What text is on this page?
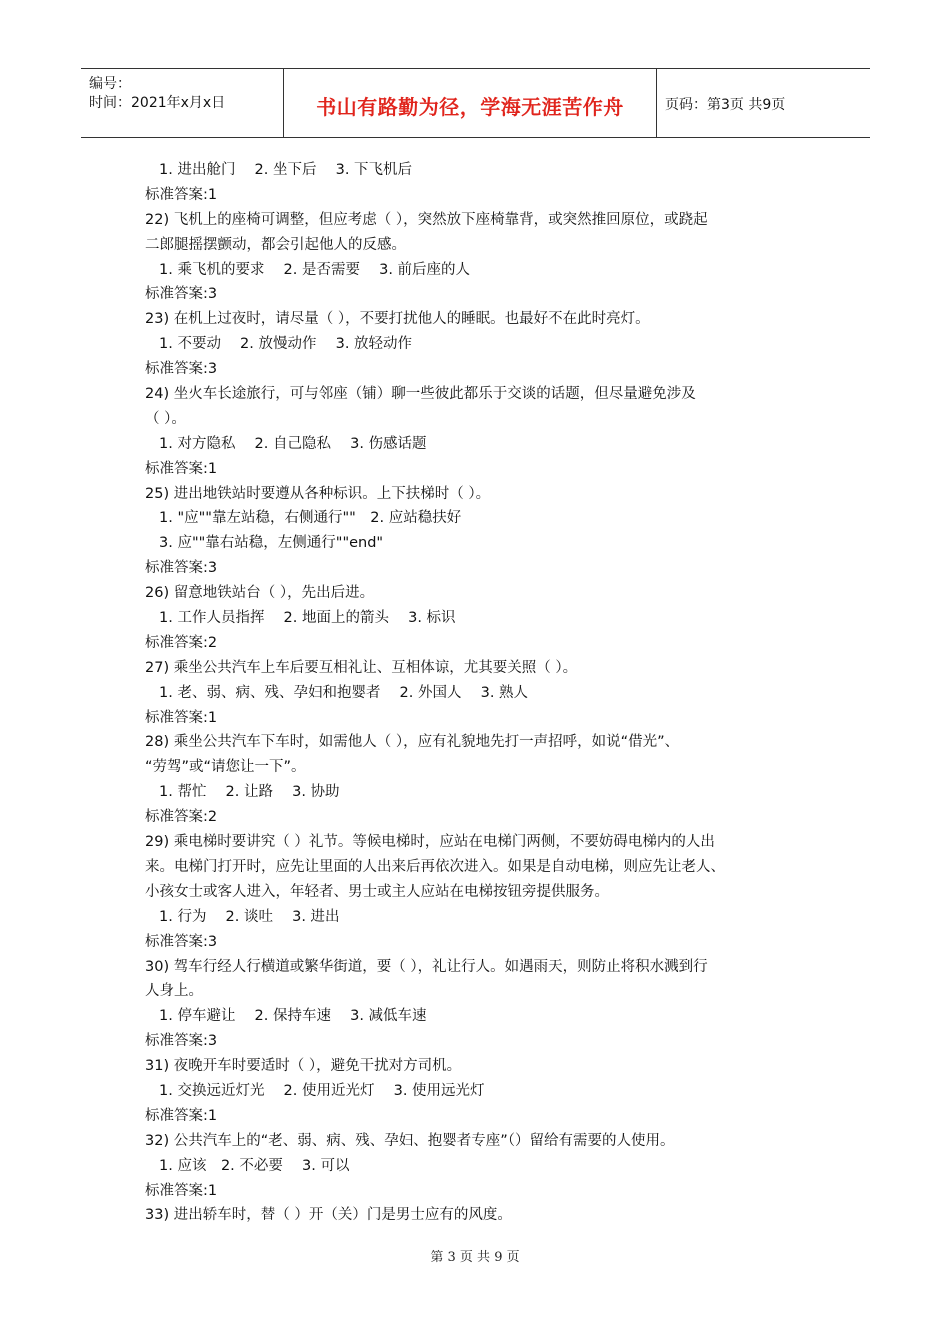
编号：
时间：2021年x月x日	书山有路勤为径，学海无涯苦作舟	页码：第3页 共9页
1. 进出舱门　 2. 坐下后　 3. 下飞机后
标准答案:1
22) 飞机上的座椅可调整，但应考虑（ ），突然放下座椅靠背，或突然推回原位，或跷起
二郎腿摇摆颤动，都会引起他人的反感。
1. 乘飞机的要求　 2. 是否需要　 3. 前后座的人
标准答案:3
23) 在机上过夜时，请尽量（ ），不要打扰他人的睡眠。也最好不在此时亮灯。
1. 不要动　 2. 放慢动作　 3. 放轻动作
标准答案:3
24) 坐火车长途旅行，可与邻座（铺）聊一些彼此都乐于交谈的话题，但尽量避免涉及
（ ）。
1. 对方隐私　 2. 自己隐私　 3. 伤感话题
标准答案:1
25) 进出地铁站时要遵从各种标识。上下扶梯时（ ）。
1. "应""靠左站稳，右侧通行""　2. 应站稳扶好
3. 应""靠右站稳，左侧通行""end"
标准答案:3
26) 留意地铁站台（ ），先出后进。
1. 工作人员指挥　 2. 地面上的箭头　 3. 标识
标准答案:2
27) 乘坐公共汽车上车后要互相礼让、互相体谅，尤其要关照（ ）。
1. 老、弱、病、残、孕妇和抱婴者　 2. 外国人　 3. 熟人
标准答案:1
28) 乘坐公共汽车下车时，如需他人（ ），应有礼貌地先打一声招呼，如说“借光”、
“劳驾”或“请您让一下”。
1. 帮忙　 2. 让路　 3. 协助
标准答案:2
29) 乘电梯时要讲究（ ）礼节。等候电梯时，应站在电梯门两侧，不要妨碍电梯内的人出
来。电梯门打开时，应先让里面的人出来后再依次进入。如果是自动电梯，则应先让老人、
小孩女士或客人进入，年轻者、男士或主人应站在电梯按钮旁提供服务。
1. 行为　 2. 谈吐　 3. 进出
标准答案:3
30) 驾车行经人行横道或繁华街道，要（ ），礼让行人。如遇雨天，则防止将积水溅到行
人身上。
1. 停车避让　 2. 保持车速　 3. 减低车速
标准答案:3
31) 夜晚开车时要适时（ ），避免干扰对方司机。
1. 交换远近灯光　 2. 使用近光灯　 3. 使用远光灯
标准答案:1
32) 公共汽车上的“老、弱、病、残、孕妇、抱婴者专座”（）留给有需要的人使用。
1. 应该　2. 不必要　 3. 可以
标准答案:1
33) 进出轿车时，替（ ）开（关）门是男士应有的风度。
第 3 页 共 9 页
